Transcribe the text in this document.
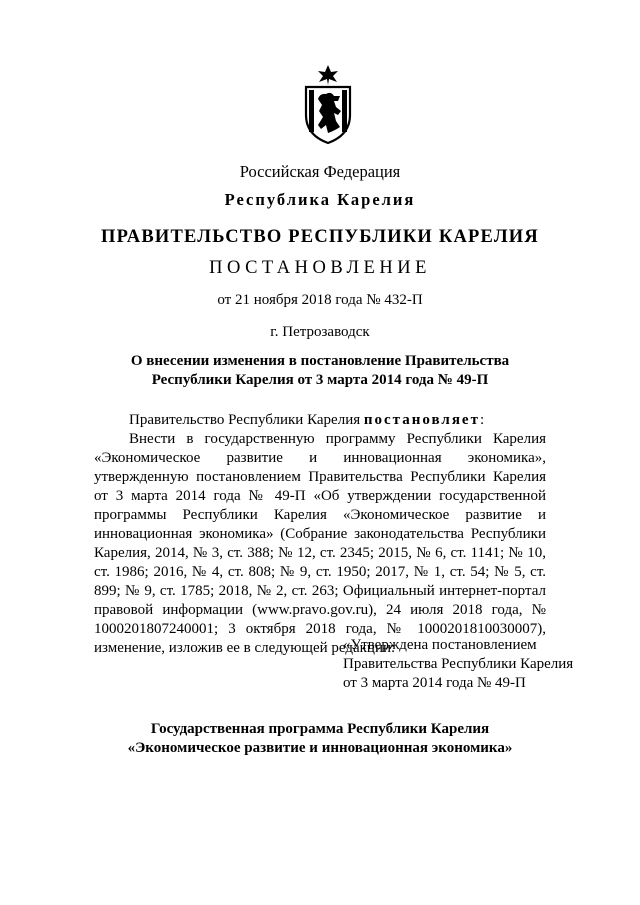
Российская Федерация
Республика Карелия
ПРАВИТЕЛЬСТВО РЕСПУБЛИКИ КАРЕЛИЯ
ПОСТАНОВЛЕНИЕ
от 21 ноября 2018 года № 432-П
г. Петрозаводск
О внесении изменения в постановление Правительства
Республики Карелия от 3 марта 2014 года № 49-П

Правительство Республики Карелия постановляет:

Внести в государственную программу Республики Карелия «Экономическое развитие и инновационная экономика», утвержденную постановлением Правительства Республики Карелия от 3 марта 2014 года № 49-П «Об утверждении государственной программы Республики Карелия «Экономическое развитие и инновационная экономика» (Собрание законодательства Республики Карелия, 2014, № 3, ст. 388; № 12, ст. 2345; 2015, № 6, ст. 1141; № 10, ст. 1986; 2016, № 4, ст. 808; № 9, ст. 1950; 2017, № 1, ст. 54; № 5, ст. 899; № 9, ст. 1785; 2018, № 2, ст. 263; Официальный интернет-портал правовой информации (www.pravo.gov.ru), 24 июля 2018 года, № 1000201807240001; 3 октября 2018 года, № 1000201810030007), изменение, изложив ее в следующей редакции:

«Утверждена постановлением
Правительства Республики Карелия
от 3 марта 2014 года № 49-П
Государственная программа Республики Карелия
«Экономическое развитие и инновационная экономика»
